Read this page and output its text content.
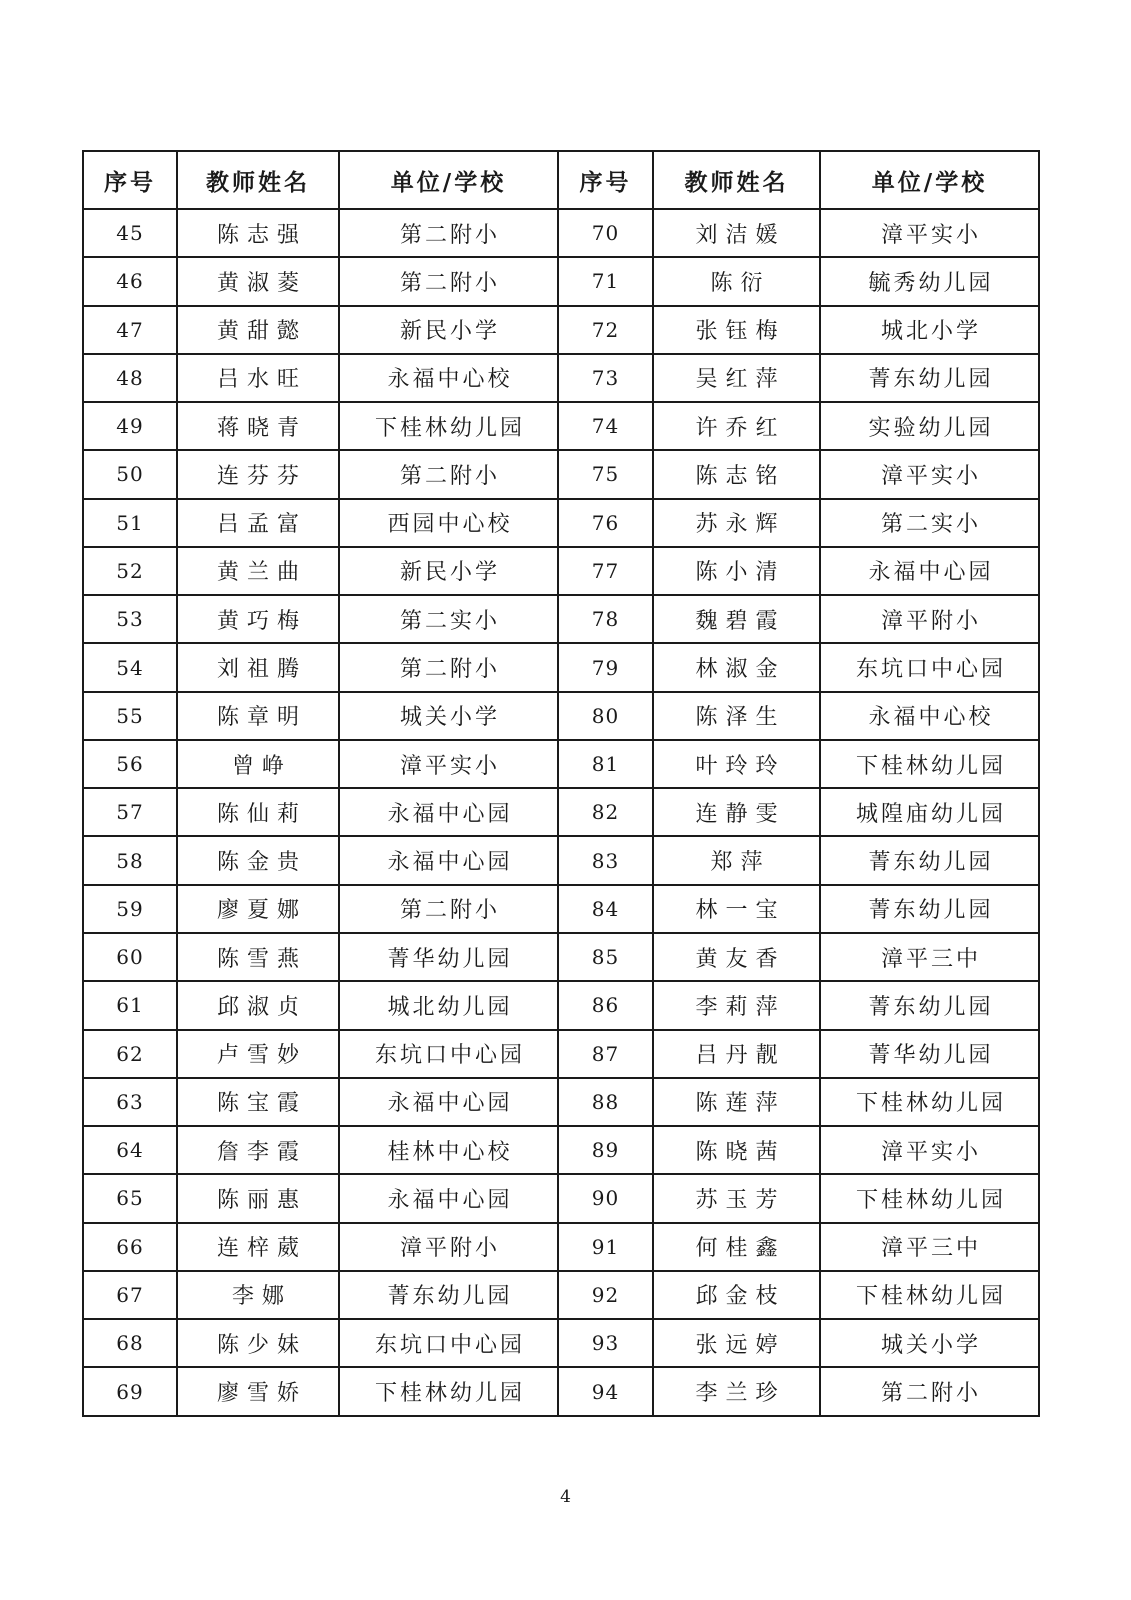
序号	教师姓名	单位/学校	序号	教师姓名	单位/学校
45	陈志强	第二附小	70	刘洁媛	漳平实小
46	黄淑菱	第二附小	71	陈衍	毓秀幼儿园
47	黄甜懿	新民小学	72	张钰梅	城北小学
48	吕水旺	永福中心校	73	吴红萍	菁东幼儿园
49	蒋晓青	下桂林幼儿园	74	许乔红	实验幼儿园
50	连芬芬	第二附小	75	陈志铭	漳平实小
51	吕孟富	西园中心校	76	苏永辉	第二实小
52	黄兰曲	新民小学	77	陈小清	永福中心园
53	黄巧梅	第二实小	78	魏碧霞	漳平附小
54	刘祖腾	第二附小	79	林淑金	东坑口中心园
55	陈章明	城关小学	80	陈泽生	永福中心校
56	曾峥	漳平实小	81	叶玲玲	下桂林幼儿园
57	陈仙莉	永福中心园	82	连静雯	城隍庙幼儿园
58	陈金贵	永福中心园	83	郑萍	菁东幼儿园
59	廖夏娜	第二附小	84	林一宝	菁东幼儿园
60	陈雪燕	菁华幼儿园	85	黄友香	漳平三中
61	邱淑贞	城北幼儿园	86	李莉萍	菁东幼儿园
62	卢雪妙	东坑口中心园	87	吕丹靓	菁华幼儿园
63	陈宝霞	永福中心园	88	陈莲萍	下桂林幼儿园
64	詹李霞	桂林中心校	89	陈晓茜	漳平实小
65	陈丽惠	永福中心园	90	苏玉芳	下桂林幼儿园
66	连梓葳	漳平附小	91	何桂鑫	漳平三中
67	李娜	菁东幼儿园	92	邱金枝	下桂林幼儿园
68	陈少妹	东坑口中心园	93	张远婷	城关小学
69	廖雪娇	下桂林幼儿园	94	李兰珍	第二附小
4
